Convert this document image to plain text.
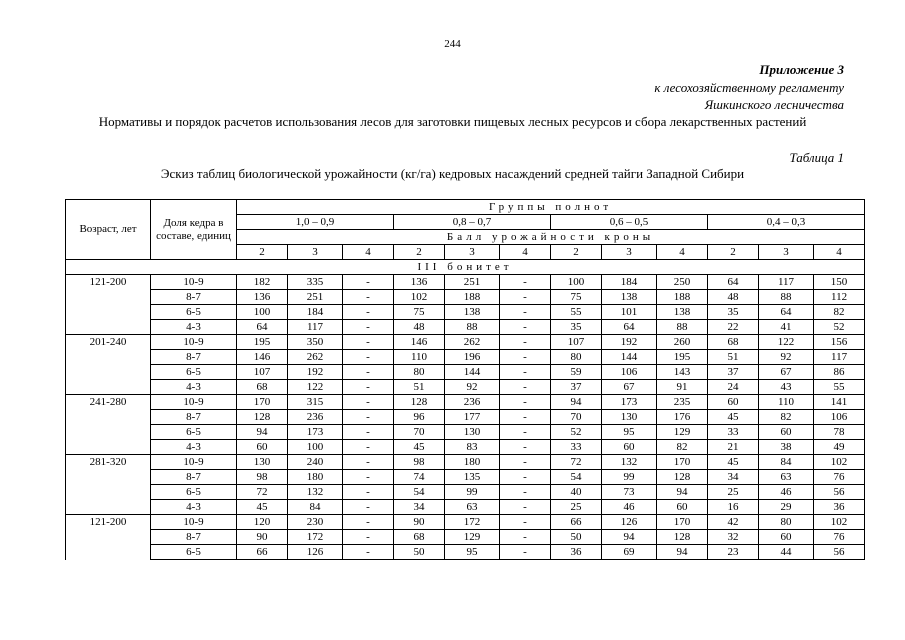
244
Приложение 3
к лесохозяйственному регламенту
Яшкинского лесничества
Нормативы и порядок расчетов использования лесов для заготовки пищевых лесных ресурсов и сбора лекарственных растений
Таблица 1
Эскиз таблиц биологической урожайности (кг/га) кедровых насаждений средней тайги Западной Сибири
Возраст, лет	Доля кедра в составе, единиц	Группы полнот											
		1,0 – 0,9			0,8 – 0,7			0,6 – 0,5			0,4 – 0,3		
		Балл урожайности кроны											
		2	3	4	2	3	4	2	3	4	2	3	4
III бонитет													
121-200	10-9	182	335	-	136	251	-	100	184	250	64	117	150
	8-7	136	251	-	102	188	-	75	138	188	48	88	112
	6-5	100	184	-	75	138	-	55	101	138	35	64	82
	4-3	64	117	-	48	88	-	35	64	88	22	41	52
201-240	10-9	195	350	-	146	262	-	107	192	260	68	122	156
	8-7	146	262	-	110	196	-	80	144	195	51	92	117
	6-5	107	192	-	80	144	-	59	106	143	37	67	86
	4-3	68	122	-	51	92	-	37	67	91	24	43	55
241-280	10-9	170	315	-	128	236	-	94	173	235	60	110	141
	8-7	128	236	-	96	177	-	70	130	176	45	82	106
	6-5	94	173	-	70	130	-	52	95	129	33	60	78
	4-3	60	100	-	45	83	-	33	60	82	21	38	49
281-320	10-9	130	240	-	98	180	-	72	132	170	45	84	102
	8-7	98	180	-	74	135	-	54	99	128	34	63	76
	6-5	72	132	-	54	99	-	40	73	94	25	46	56
	4-3	45	84	-	34	63	-	25	46	60	16	29	36
121-200	10-9	120	230	-	90	172	-	66	126	170	42	80	102
	8-7	90	172	-	68	129	-	50	94	128	32	60	76
	6-5	66	126	-	50	95	-	36	69	94	23	44	56
